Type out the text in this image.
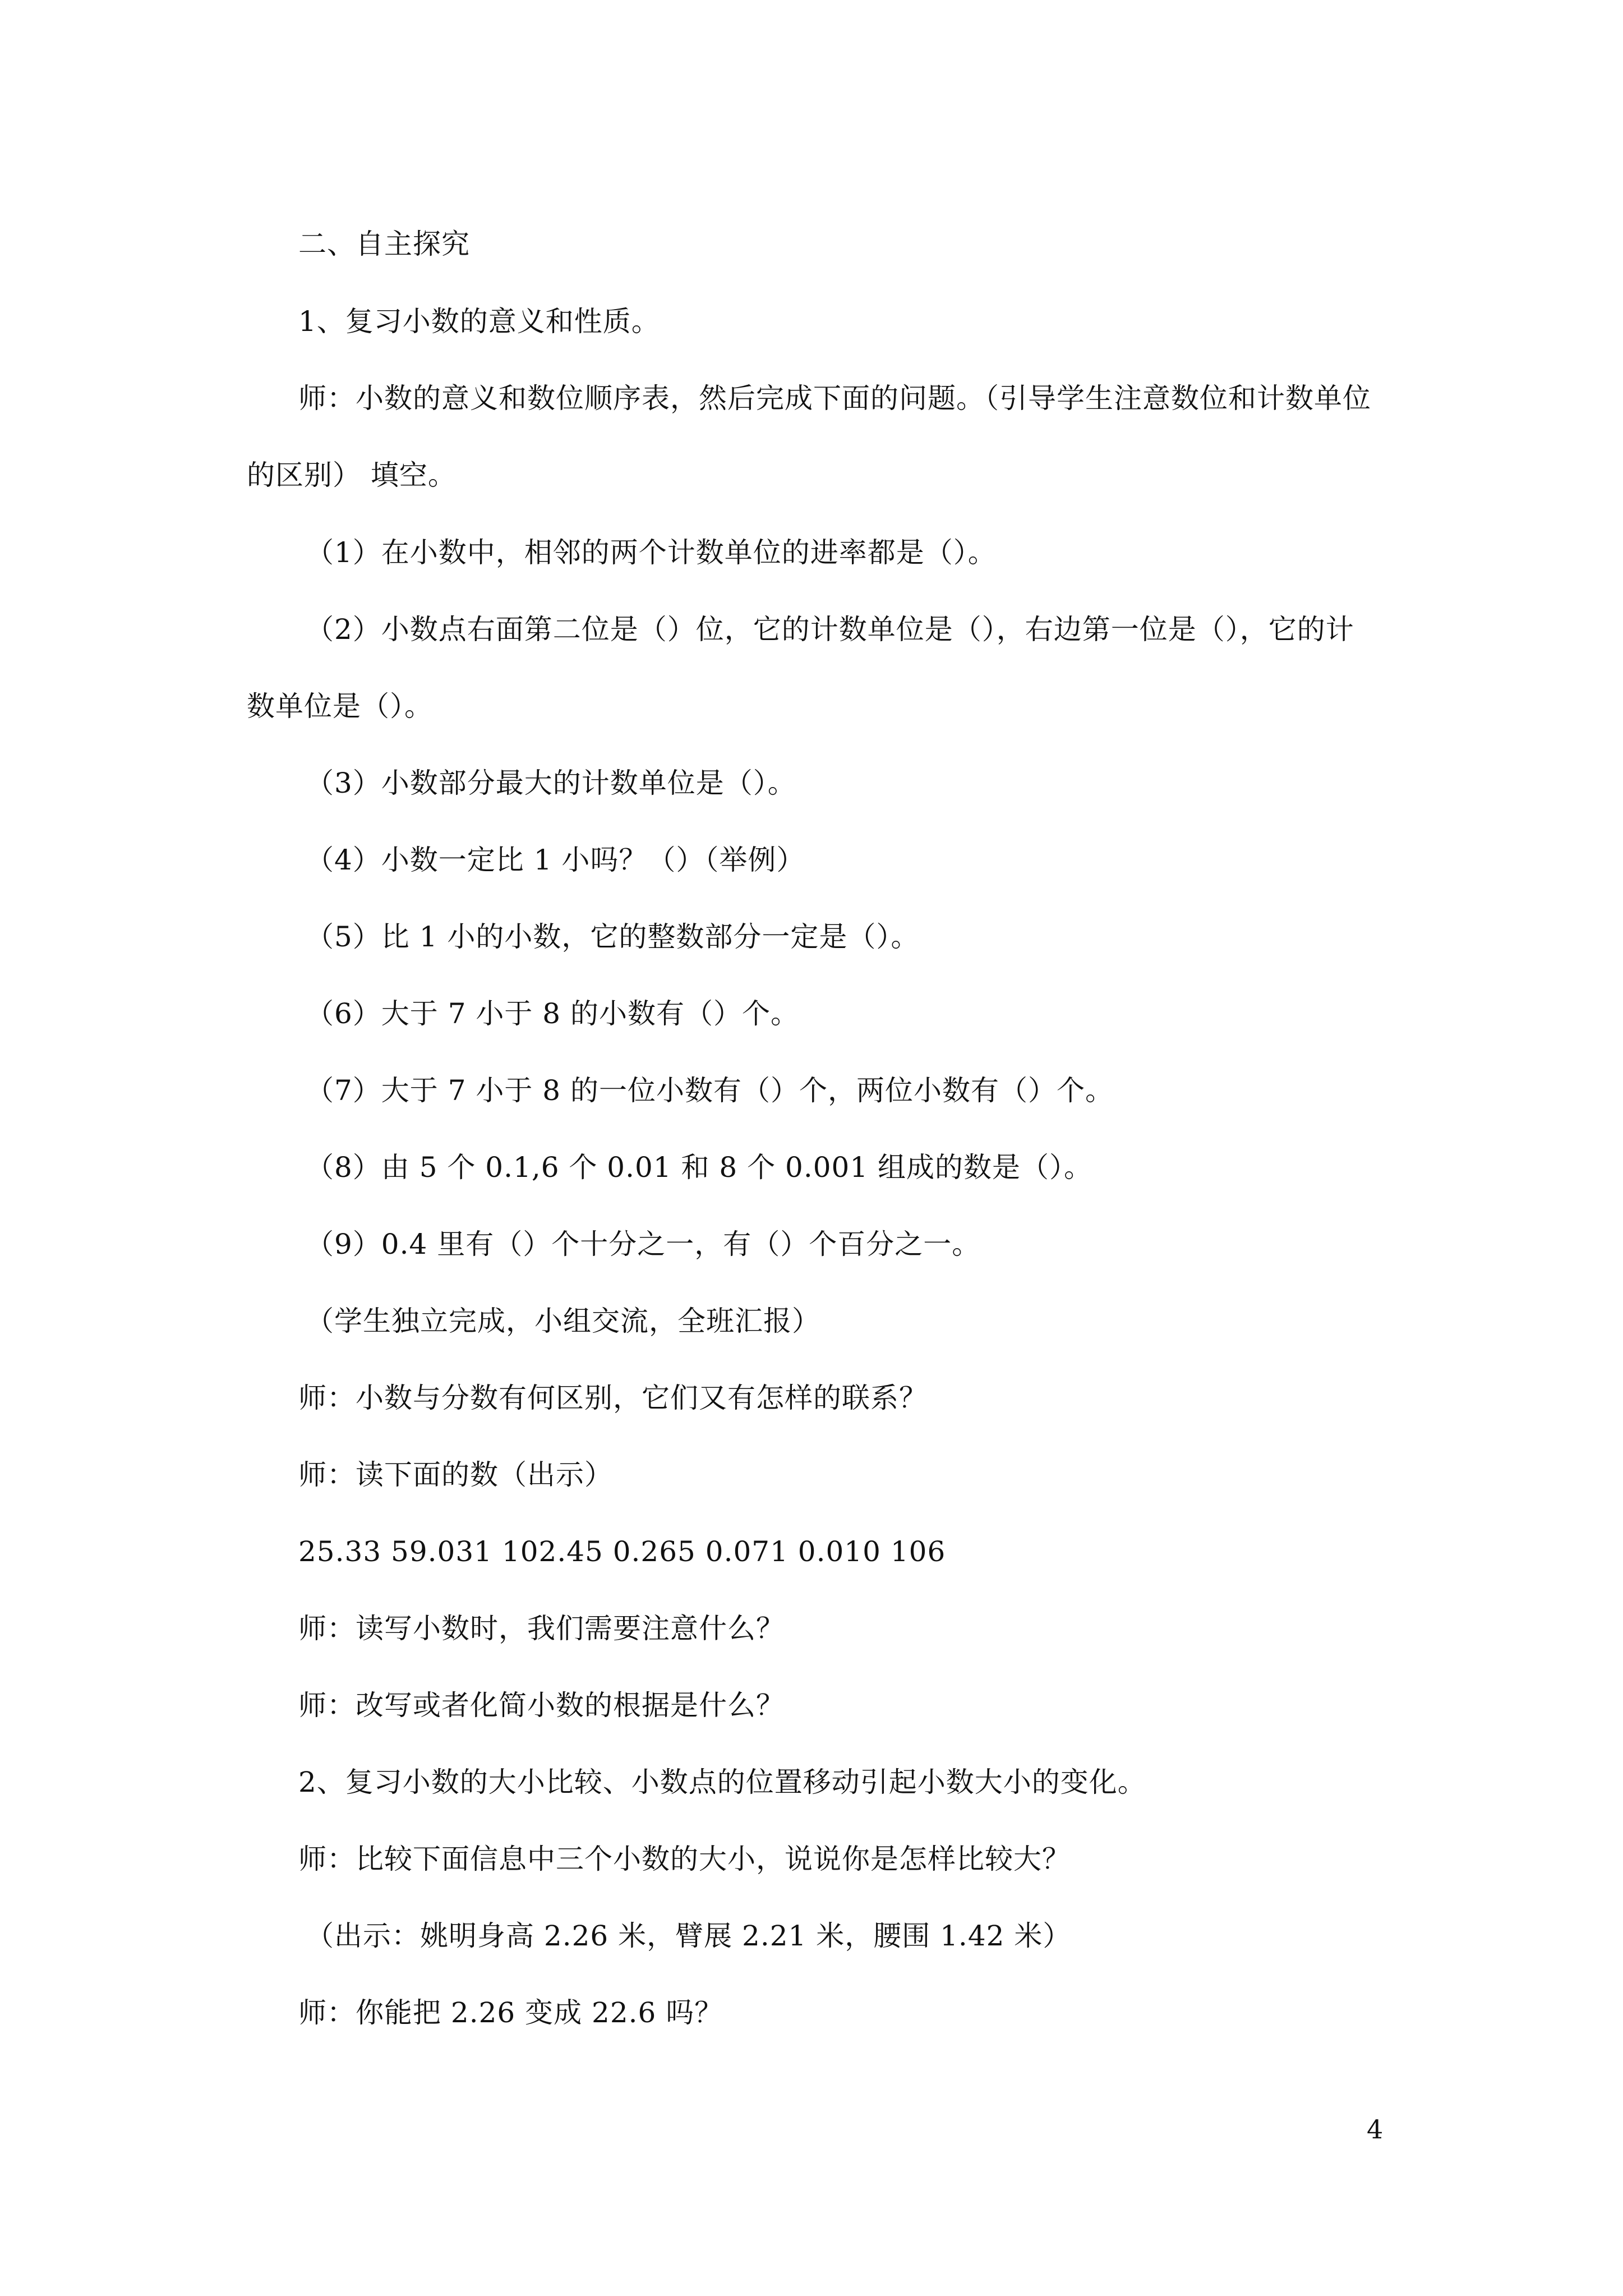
二、自主探究
1、复习小数的意义和性质。
师：小数的意义和数位顺序表，然后完成下面的问题。（引导学生注意数位和计数单位
的区别） 填空。
（1）在小数中，相邻的两个计数单位的进率都是（）。
（2）小数点右面第二位是（）位，它的计数单位是（），右边第一位是（），它的计
数单位是（）。
（3）小数部分最大的计数单位是（）。
（4）小数一定比 1 小吗？（）（举例）
（5）比 1 小的小数，它的整数部分一定是（）。
（6）大于 7 小于 8 的小数有（）个。
（7）大于 7 小于 8 的一位小数有（）个，两位小数有（）个。
（8）由 5 个 0.1,6 个 0.01 和 8 个 0.001 组成的数是（）。
（9）0.4 里有（）个十分之一，有（）个百分之一。
（学生独立完成，小组交流，全班汇报）
师：小数与分数有何区别，它们又有怎样的联系？
师：读下面的数（出示）
25.33 59.031 102.45 0.265 0.071 0.010 106
师：读写小数时，我们需要注意什么？
师：改写或者化简小数的根据是什么？
2、复习小数的大小比较、小数点的位置移动引起小数大小的变化。
师：比较下面信息中三个小数的大小，说说你是怎样比较大？
（出示：姚明身高 2.26 米，臂展 2.21 米，腰围 1.42 米）
师：你能把 2.26 变成 22.6 吗？
4
